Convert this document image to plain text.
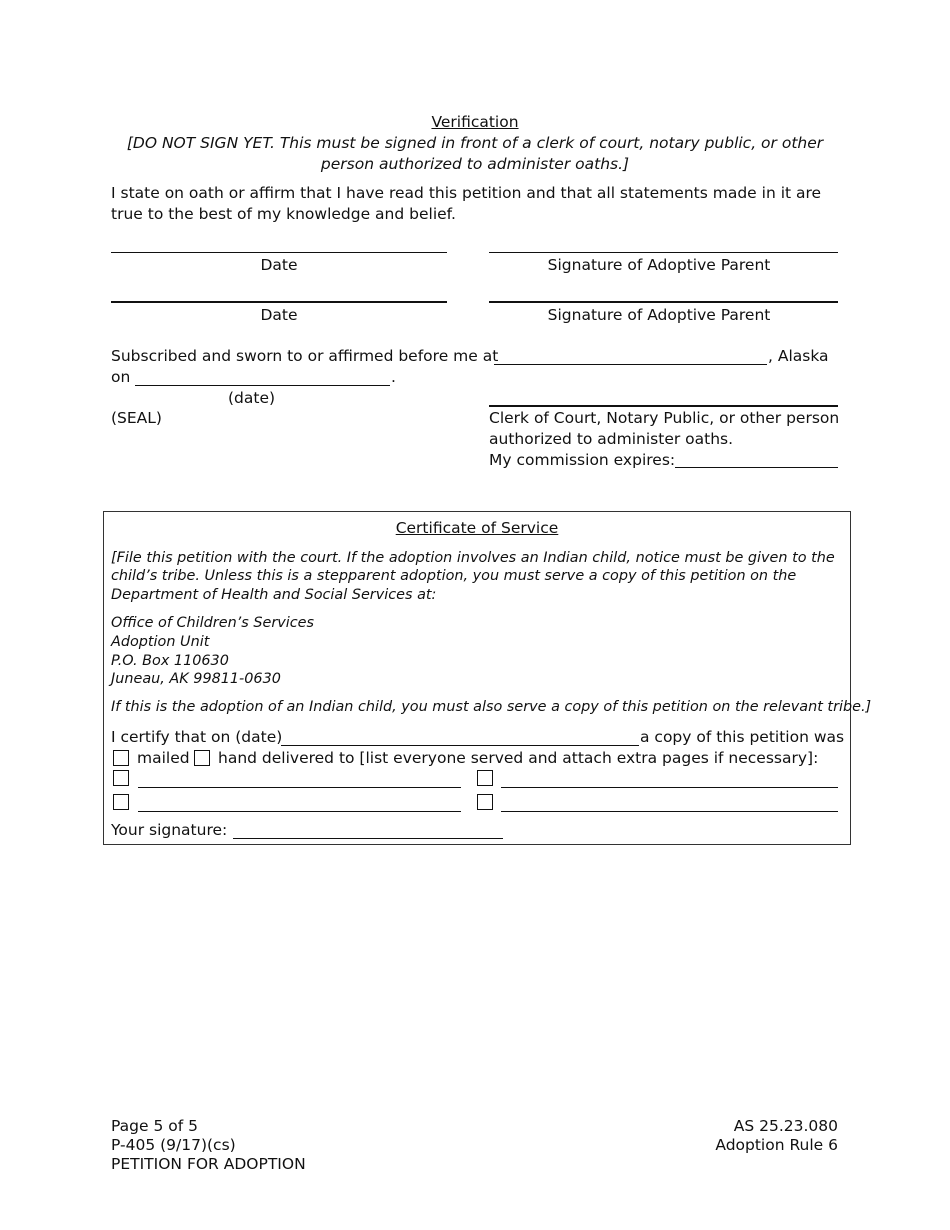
Verification
[DO NOT SIGN YET. This must be signed in front of a clerk of court, notary public, or other
person authorized to administer oaths.]
I state on oath or affirm that I have read this petition and that all statements made in it are
true to the best of my knowledge and belief.
Date	Signature of Adoptive Parent
Date	Signature of Adoptive Parent
Subscribed and sworn to or affirmed before me at	, Alaska
on	.
(date)
(SEAL)	Clerk of Court, Notary Public, or other person
authorized to administer oaths.
My commission expires:
Certificate of Service
[File this petition with the court. If the adoption involves an Indian child, notice must be given to the
child’s tribe. Unless this is a stepparent adoption, you must serve a copy of this petition on the
Department of Health and Social Services at:
Office of Children’s Services
Adoption Unit
P.O. Box 110630
Juneau, AK 99811-0630
If this is the adoption of an Indian child, you must also serve a copy of this petition on the relevant tribe.]
I certify that on (date)	a copy of this petition was
mailed hand delivered to [list everyone served and attach extra pages if necessary]:
Your signature:
Page 5 of 5
P-405 (9/17)(cs)
PETITION FOR ADOPTION
AS 25.23.080
Adoption Rule 6
